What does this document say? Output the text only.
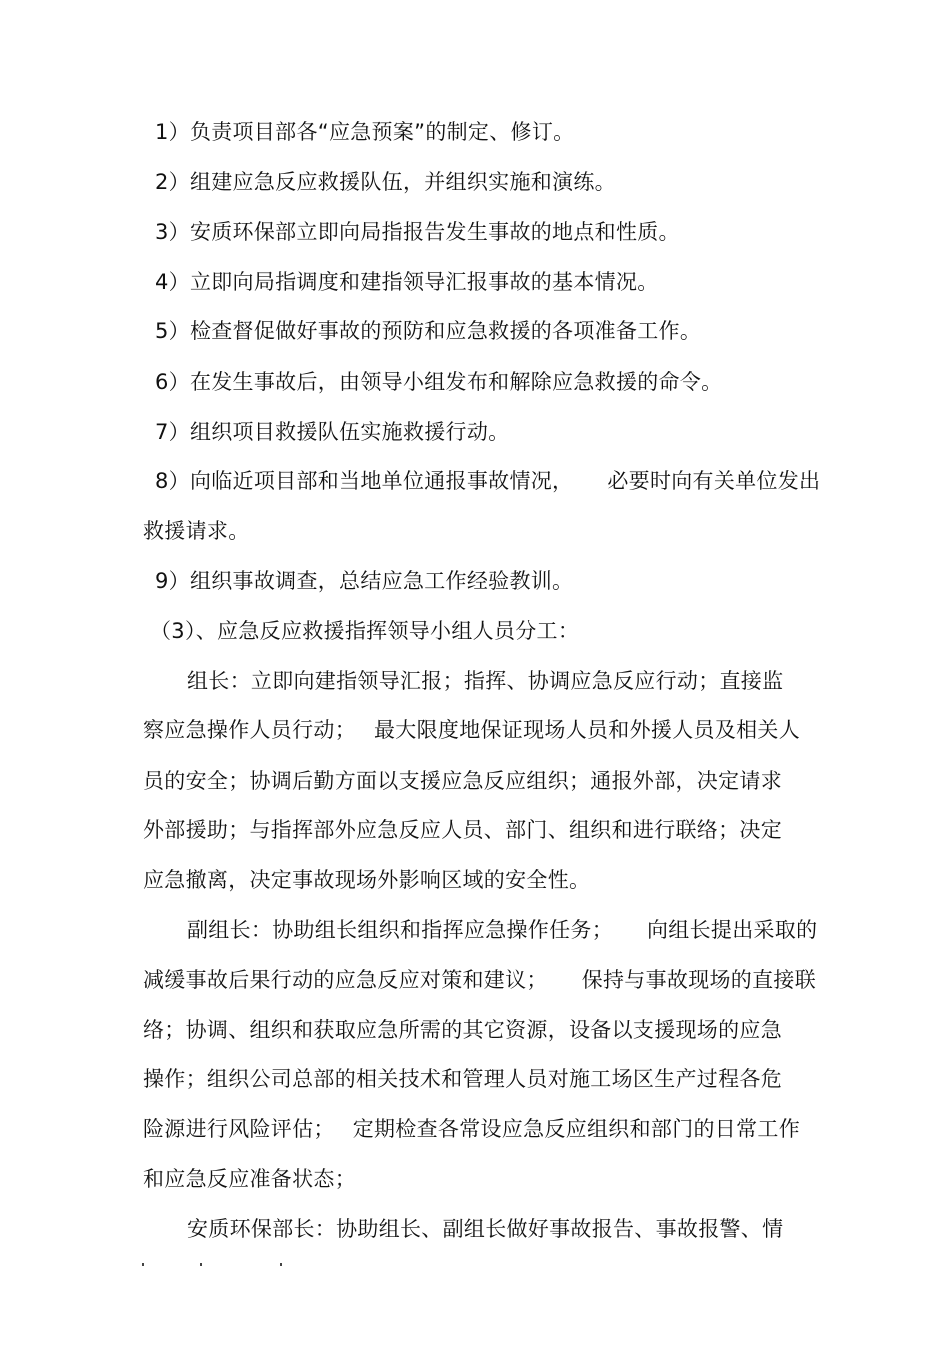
1）负责项目部各“应急预案”的制定、修订。
2）组建应急反应救援队伍，并组织实施和演练。
3）安质环保部立即向局指报告发生事故的地点和性质。
4）立即向局指调度和建指领导汇报事故的基本情况。
5）检查督促做好事故的预防和应急救援的各项准备工作。
6）在发生事故后，由领导小组发布和解除应急救援的命令。
7）组织项目救援队伍实施救援行动。
8）向临近项目部和当地单位通报事故情况， 必要时向有关单位发出
救援请求。
9）组织事故调查，总结应急工作经验教训。
（3）、应急反应救援指挥领导小组人员分工：
组长：立即向建指领导汇报；指挥、协调应急反应行动；直接监
察应急操作人员行动； 最大限度地保证现场人员和外援人员及相关人
员的安全；协调后勤方面以支援应急反应组织；通报外部，决定请求
外部援助；与指挥部外应急反应人员、部门、组织和进行联络；决定
应急撤离，决定事故现场外影响区域的安全性。
副组长：协助组长组织和指挥应急操作任务； 向组长提出采取的
减缓事故后果行动的应急反应对策和建议； 保持与事故现场的直接联
络；协调、组织和获取应急所需的其它资源，设备以支援现场的应急
操作；组织公司总部的相关技术和管理人员对施工场区生产过程各危
险源进行风险评估； 定期检查各常设应急反应组织和部门的日常工作
和应急反应准备状态；
安质环保部长：协助组长、副组长做好事故报告、事故报警、情
